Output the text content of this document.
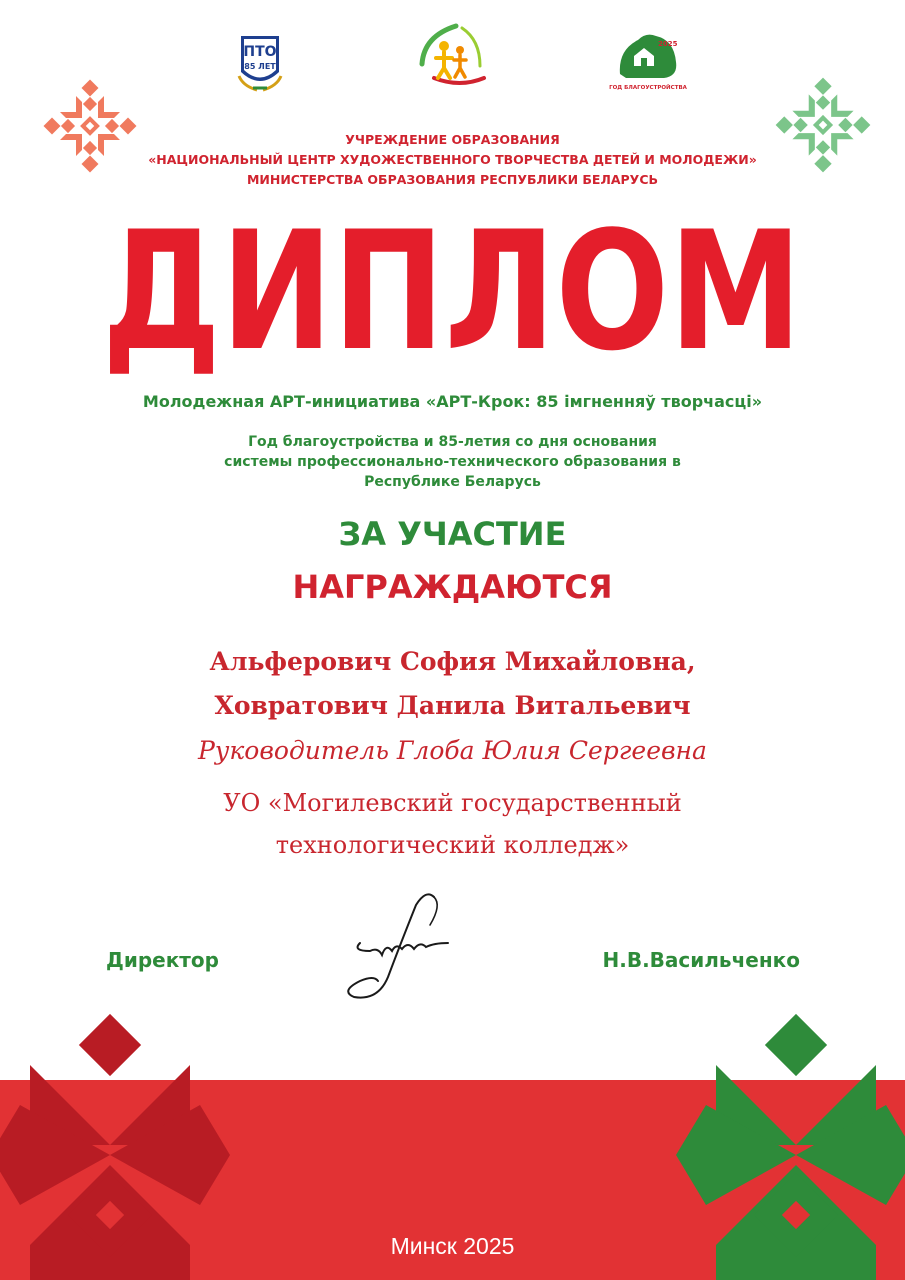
ПТО
85 ЛЕТ
2025
ГОД БЛАГОУСТРОЙСТВА
УЧРЕЖДЕНИЕ ОБРАЗОВАНИЯ
«НАЦИОНАЛЬНЫЙ ЦЕНТР ХУДОЖЕСТВЕННОГО ТВОРЧЕСТВА ДЕТЕЙ И МОЛОДЕЖИ»
МИНИСТЕРСТВА ОБРАЗОВАНИЯ РЕСПУБЛИКИ БЕЛАРУСЬ
ДИПЛОМ
Молодежная АРТ-инициатива «АРТ-Крок: 85 імгненняў творчасці»
Год благоустройства и 85-летия со дня основания
системы профессионально-технического образования в
Республике Беларусь
ЗА УЧАСТИЕ
НАГРАЖДАЮТСЯ
Альферович София Михайловна,
Ховратович Данила Витальевич
Руководитель Глоба Юлия Сергеевна
УО «Могилевский государственный
технологический колледж»
Директор	Н.В.Васильченко
Минск 2025
